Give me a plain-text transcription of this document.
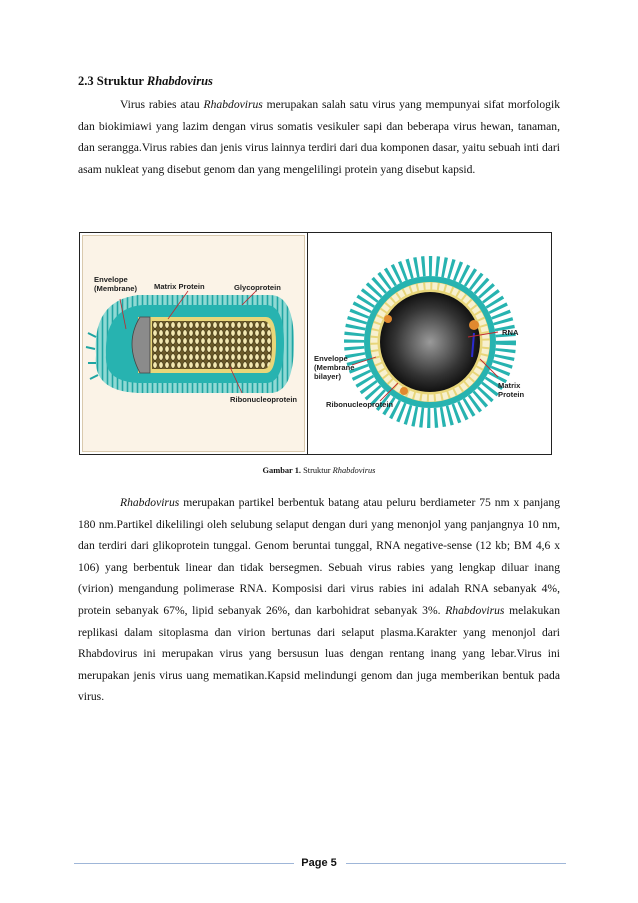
2.3 Struktur Rhabdovirus
Virus rabies atau Rhabdovirus merupakan salah satu virus yang mempunyai sifat morfologik dan biokimiawi yang lazim dengan virus somatis vesikuler sapi dan beberapa virus hewan, tanaman, dan serangga.Virus rabies dan jenis virus lainnya terdiri dari dua komponen dasar, yaitu sebuah inti dari asam nukleat yang disebut genom dan yang mengelilingi protein yang disebut kapsid.
Envelope
(Membrane) Matrix Protein	Glycoprotein
Ribonucleoprotein
RNA
Envelope
(Membrane
bilayer)
Matrix
Protein
Ribonucleoprotein
Gambar 1. Struktur Rhabdovirus
Rhabdovirus merupakan partikel berbentuk batang atau peluru berdiameter 75 nm x panjang 180 nm.Partikel dikelilingi oleh selubung selaput dengan duri yang menonjol yang panjangnya 10 nm, dan terdiri dari glikoprotein tunggal. Genom beruntai tunggal, RNA negative-sense (12 kb; BM 4,6 x 106) yang berbentuk linear dan tidak bersegmen. Sebuah virus rabies yang lengkap diluar inang (virion) mengandung polimerase RNA. Komposisi dari virus rabies ini adalah RNA sebanyak 4%, protein sebanyak 67%, lipid sebanyak 26%, dan karbohidrat sebanyak 3%. Rhabdovirus melakukan replikasi dalam sitoplasma dan virion bertunas dari selaput plasma.Karakter yang menonjol dari Rhabdovirus ini merupakan virus yang bersusun luas dengan rentang inang yang lebar.Virus ini merupakan jenis virus uang mematikan.Kapsid melindungi genom dan juga memberikan bentuk pada virus.
Page 5
